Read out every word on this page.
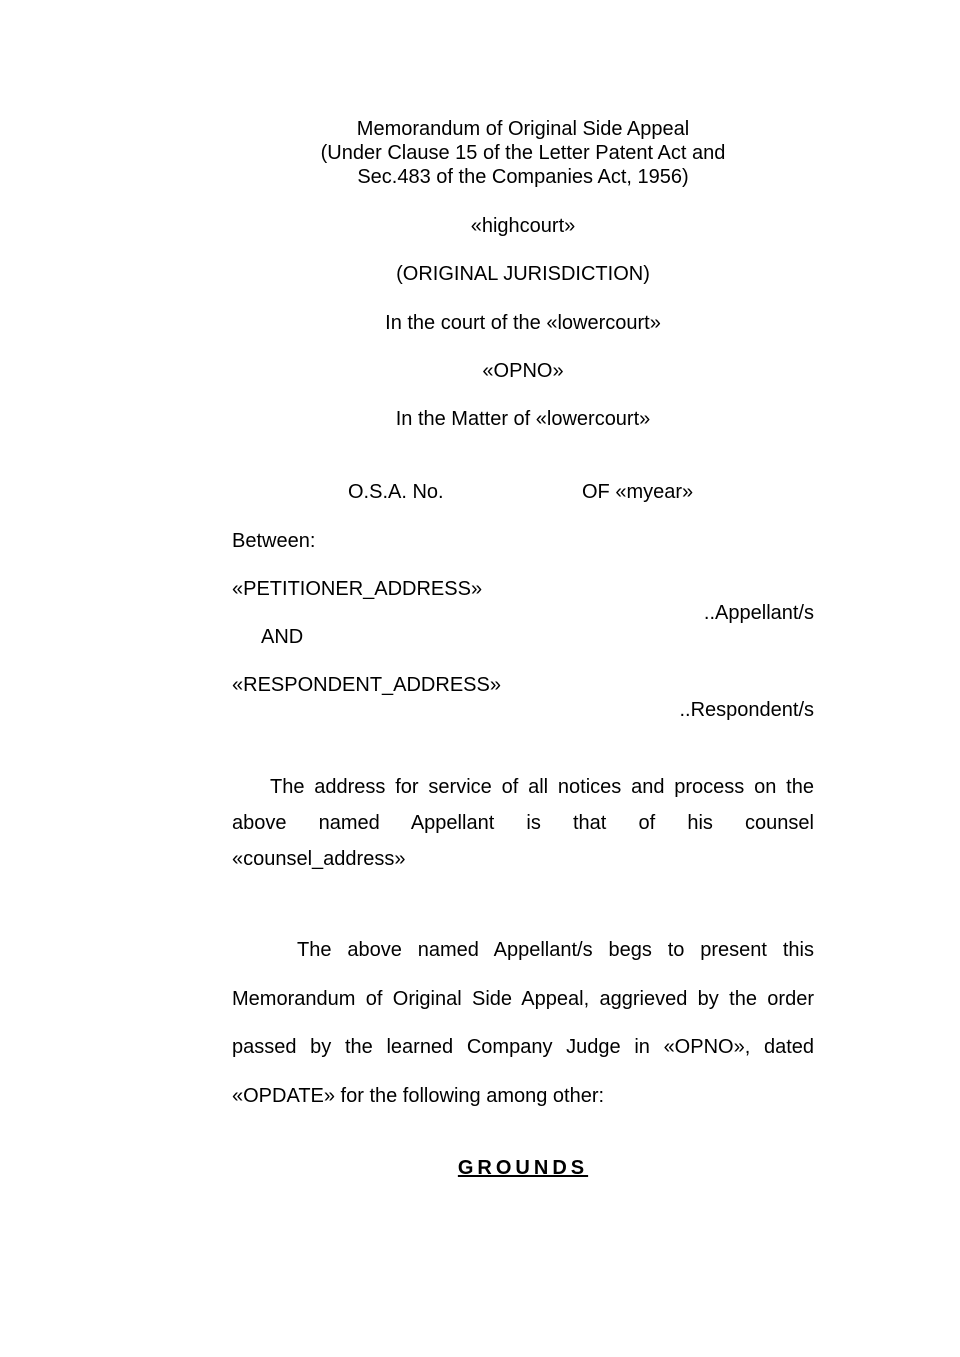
Memorandum of Original Side Appeal
(Under Clause 15 of the Letter Patent Act and
Sec.483 of the Companies Act, 1956)
«highcourt»
(ORIGINAL JURISDICTION)
In the court of the «lowercourt»
«OPNO»
In the Matter of «lowercourt»
O.S.A. No.	OF «myear»
Between:
«PETITIONER_ADDRESS»
..Appellant/s
AND
«RESPONDENT_ADDRESS»
..Respondent/s
The address for service of all notices and process on the
above named Appellant is that of his counsel
«counsel_address»
The above named Appellant/s begs to present this
Memorandum of Original Side Appeal, aggrieved by the order
passed by the learned Company Judge in «OPNO», dated
«OPDATE» for the following among other:
GROUNDS
